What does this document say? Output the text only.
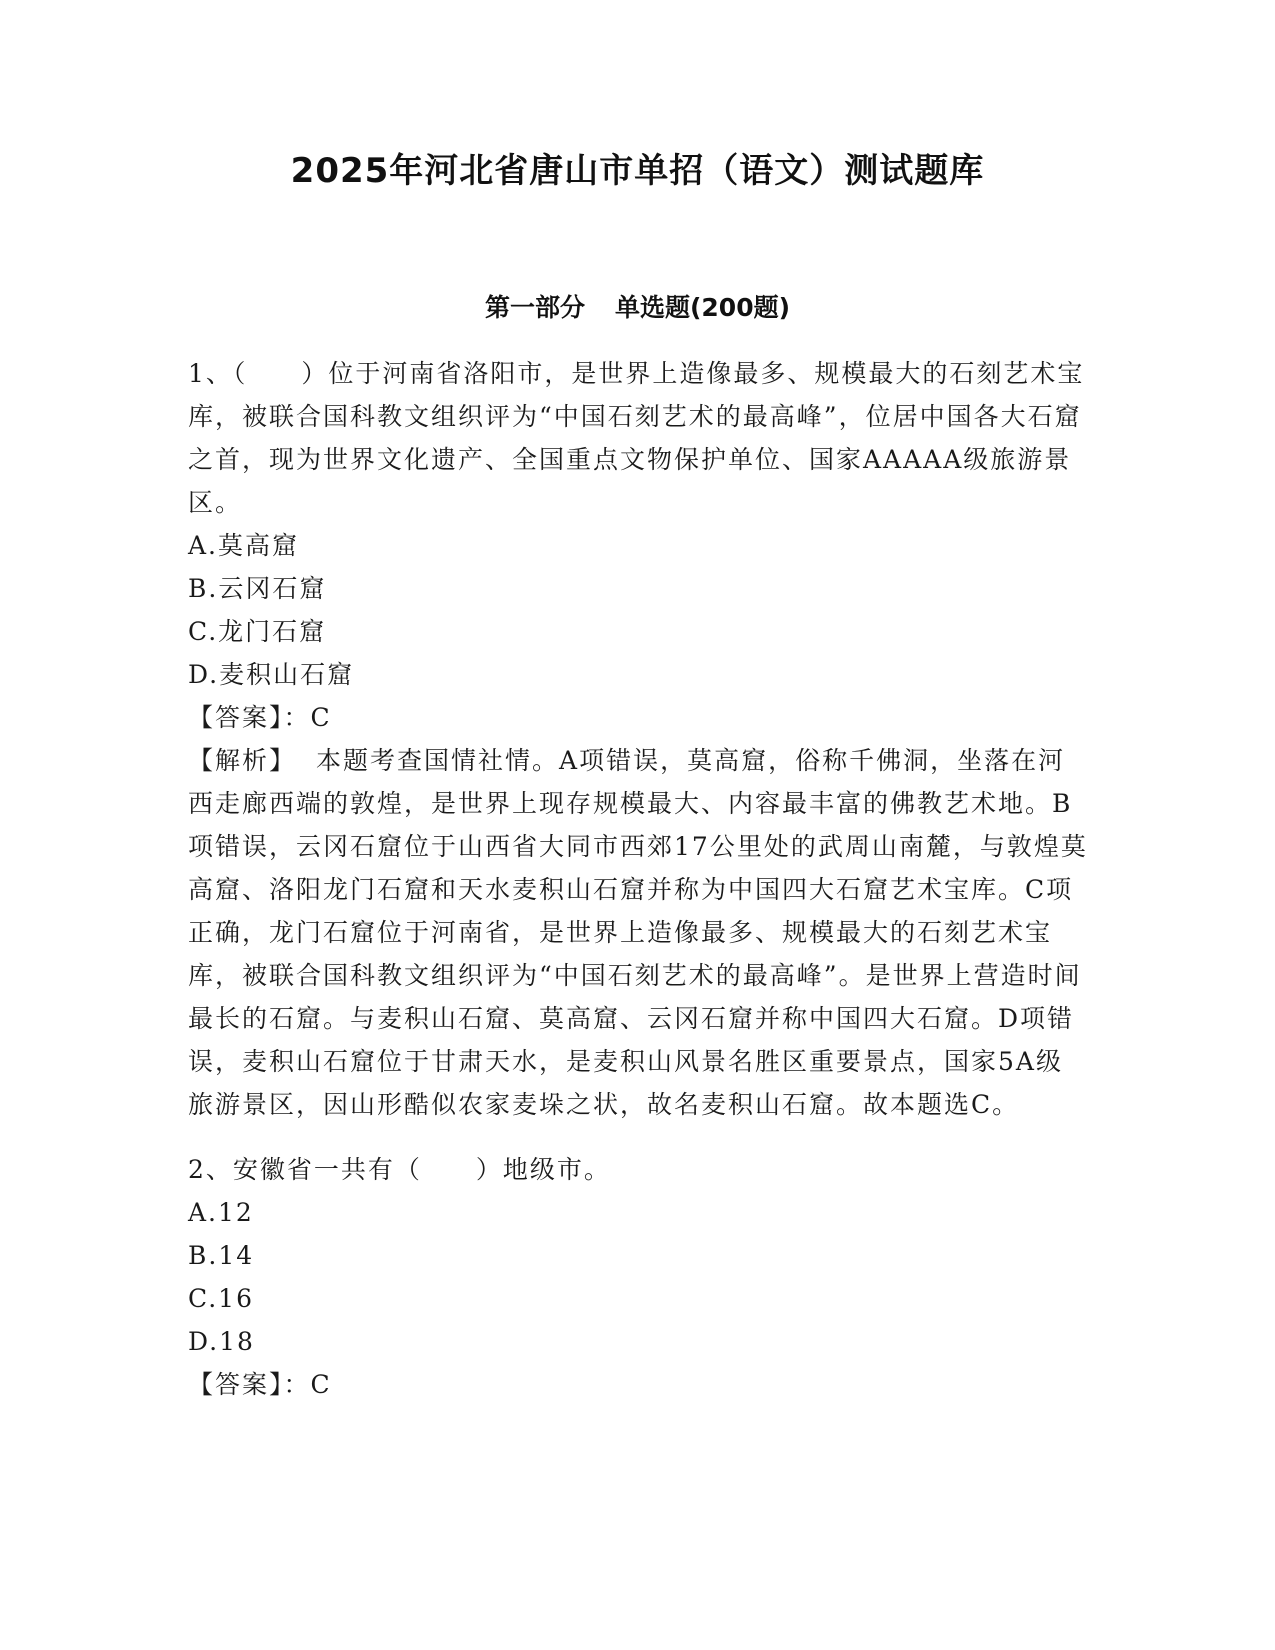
2025年河北省唐山市单招（语文）测试题库
第一部分 单选题(200题)

1、（　　）位于河南省洛阳市，是世界上造像最多、规模最大的石刻艺术宝库，被联合国科教文组织评为“中国石刻艺术的最高峰”，位居中国各大石窟之首，现为世界文化遗产、全国重点文物保护单位、国家AAAAA级旅游景区。

A.莫高窟

B.云冈石窟

C.龙门石窟

D.麦积山石窟

【答案】：C

【解析】 本题考查国情社情。A项错误，莫高窟，俗称千佛洞，坐落在河西走廊西端的敦煌，是世界上现存规模最大、内容最丰富的佛教艺术地。B项错误，云冈石窟位于山西省大同市西郊17公里处的武周山南麓，与敦煌莫高窟、洛阳龙门石窟和天水麦积山石窟并称为中国四大石窟艺术宝库。C项正确，龙门石窟位于河南省，是世界上造像最多、规模最大的石刻艺术宝库，被联合国科教文组织评为“中国石刻艺术的最高峰”。是世界上营造时间最长的石窟。与麦积山石窟、莫高窟、云冈石窟并称中国四大石窟。D项错误，麦积山石窟位于甘肃天水，是麦积山风景名胜区重要景点，国家5A级旅游景区，因山形酷似农家麦垛之状，故名麦积山石窟。故本题选C。

2、安徽省一共有（　　）地级市。

A.12

B.14

C.16

D.18

【答案】：C
